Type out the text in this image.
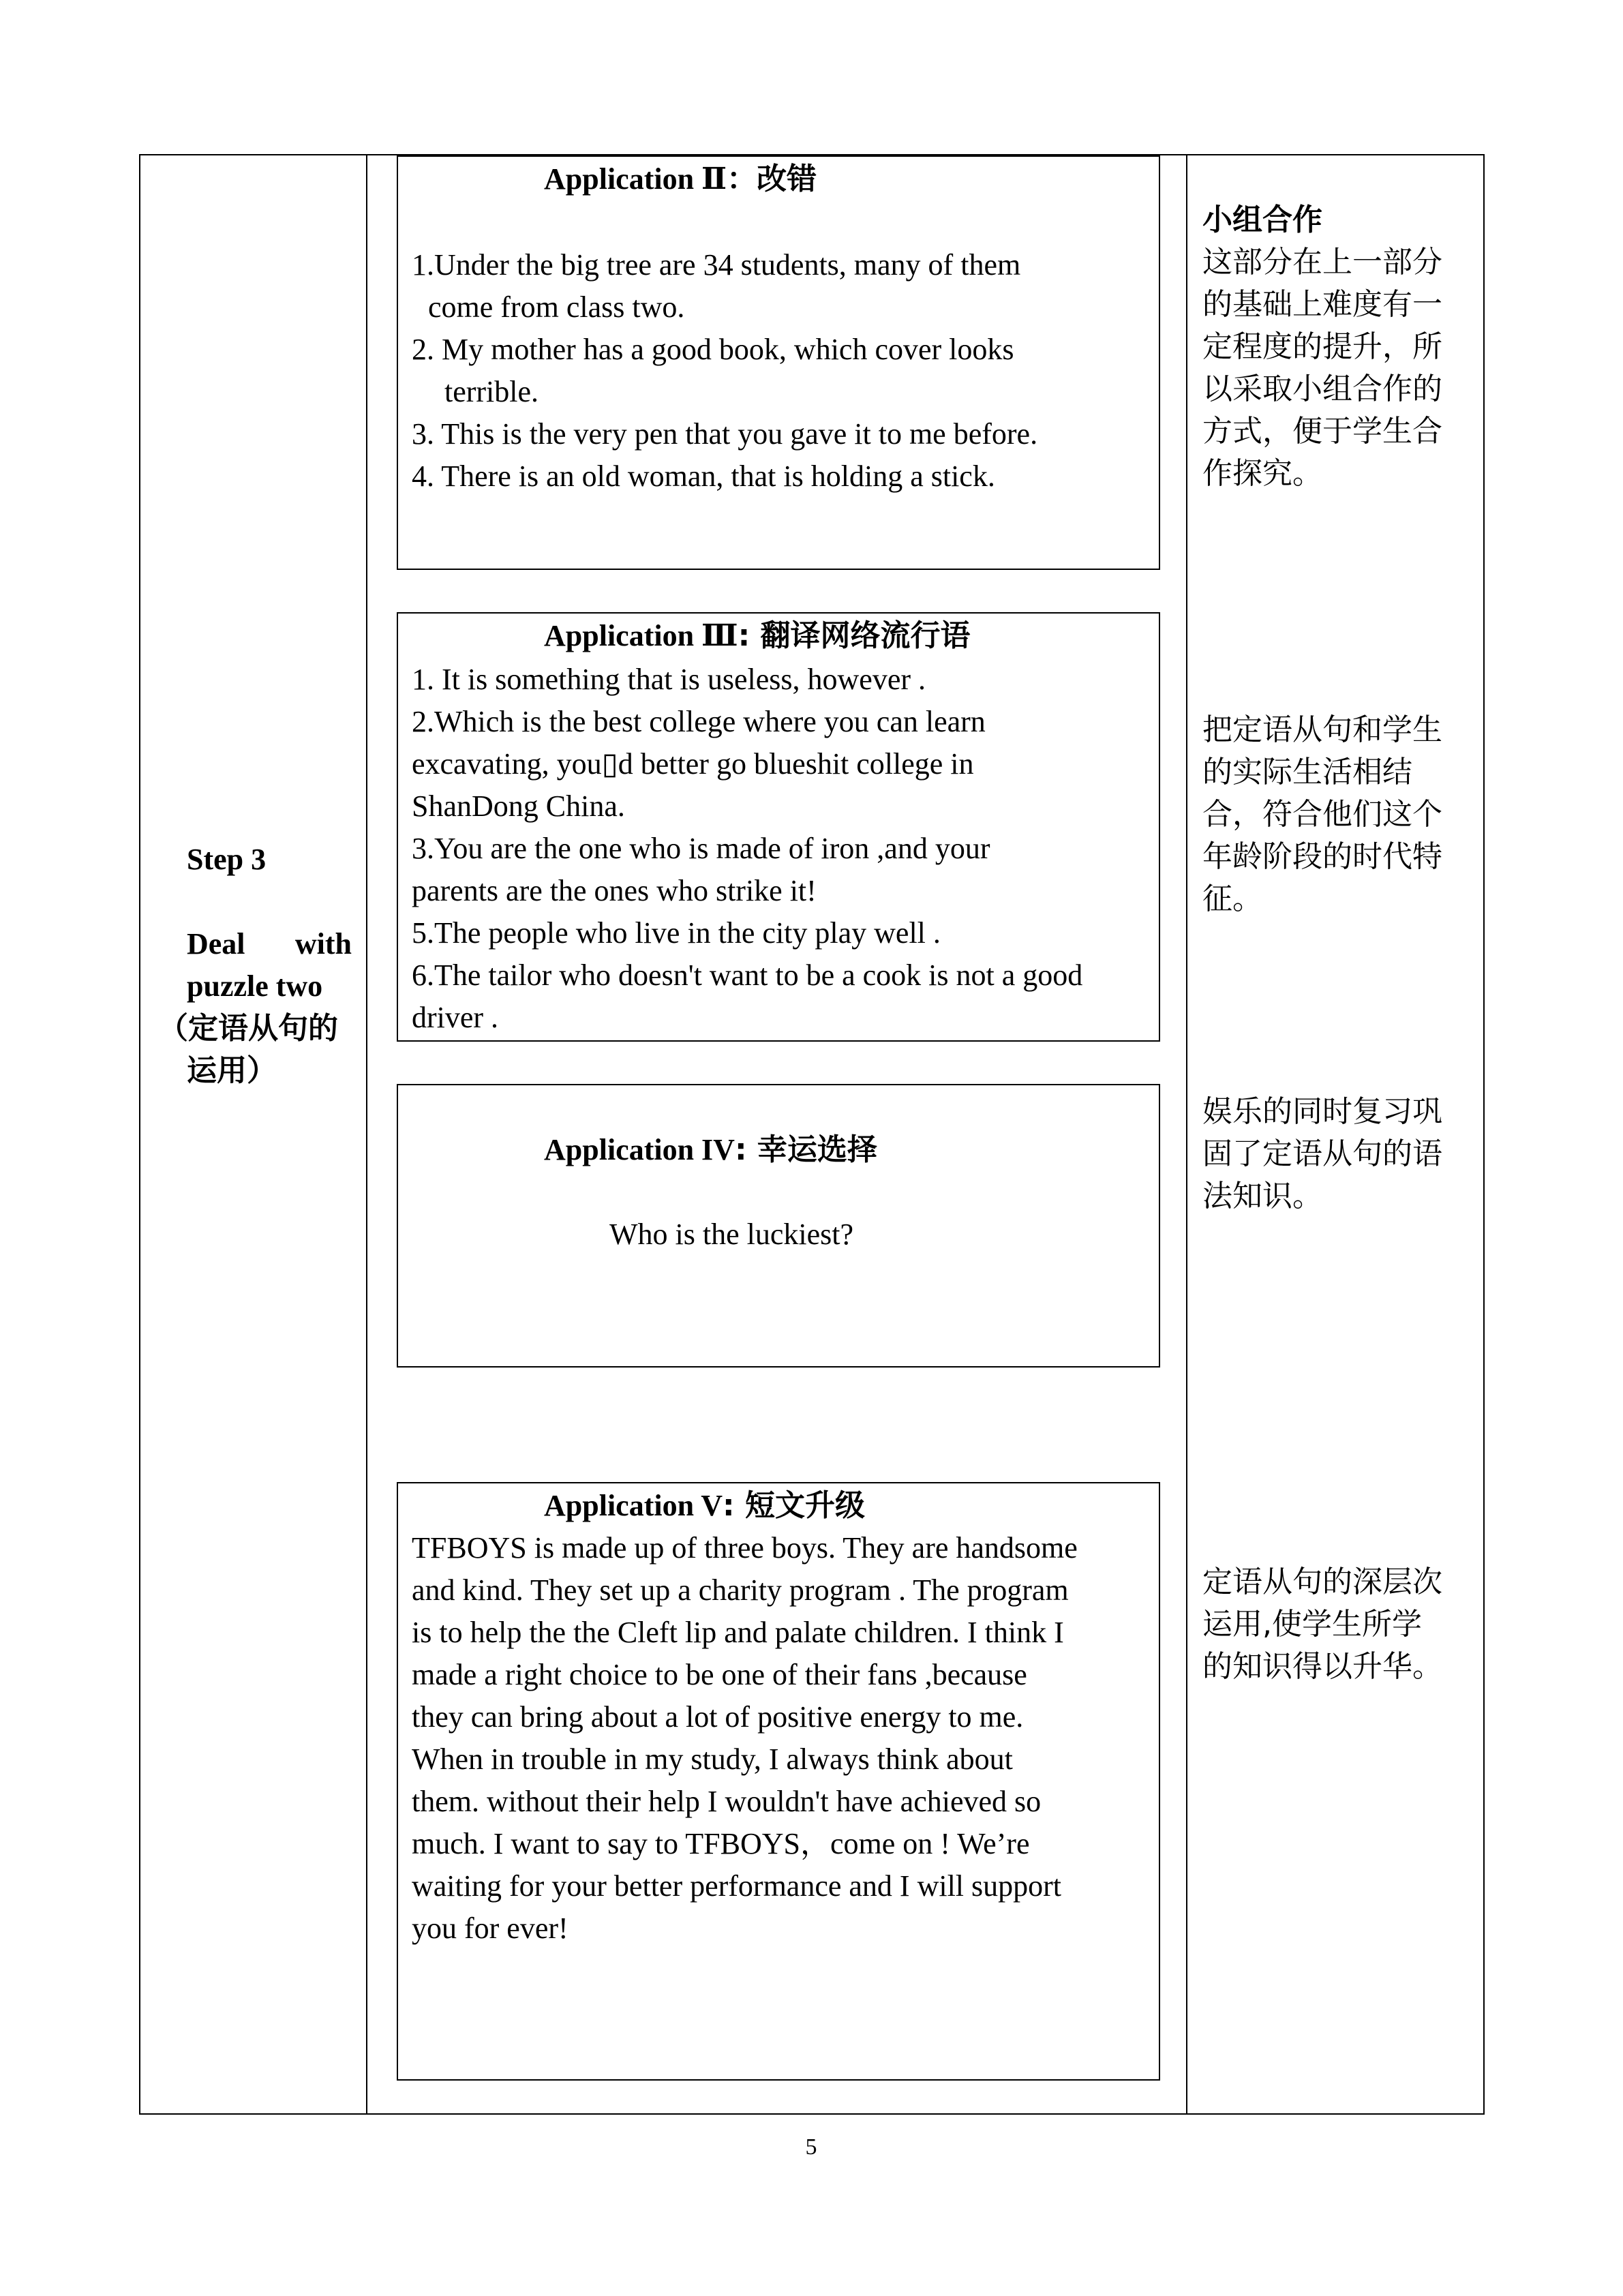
Step 3
Deal with
puzzle two
（定语从句的
运用）
Application Ⅱ：改错
1.Under the big tree are 34 students, many of them
come from class two.
2. My mother has a good book, which cover looks
terrible.
3. This is the very pen that you gave it to me before.
4. There is an old woman, that is holding a stick.
Application Ⅲ: 翻译网络流行语
1. It is something that is useless, however .
2.Which is the best college where you can learn
excavating, you▯d better go blueshit college in
ShanDong China.
3.You are the one who is made of iron ,and your
parents are the ones who strike it!
5.The people who live in the city play well .
6.The tailor who doesn't want to be a cook is not a good
driver .
Application IV: 幸运选择
Who is the luckiest?
Application V: 短文升级
TFBOYS is made up of three boys. They are handsome
and kind. They set up a charity program . The program
is to help the the Cleft lip and palate children. I think I
made a right choice to be one of their fans ,because
they can bring about a lot of positive energy to me.
When in trouble in my study, I always think about
them. without their help I wouldn't have achieved so
much. I want to say to TFBOYS，come on ! We’re
waiting for your better performance and I will support
you for ever!
小组合作
这部分在上一部分
的基础上难度有一
定程度的提升，所
以采取小组合作的
方式，便于学生合
作探究。
把定语从句和学生
的实际生活相结
合，符合他们这个
年龄阶段的时代特
征。
娱乐的同时复习巩
固了定语从句的语
法知识。
定语从句的深层次
运用,使学生所学
的知识得以升华。
5
